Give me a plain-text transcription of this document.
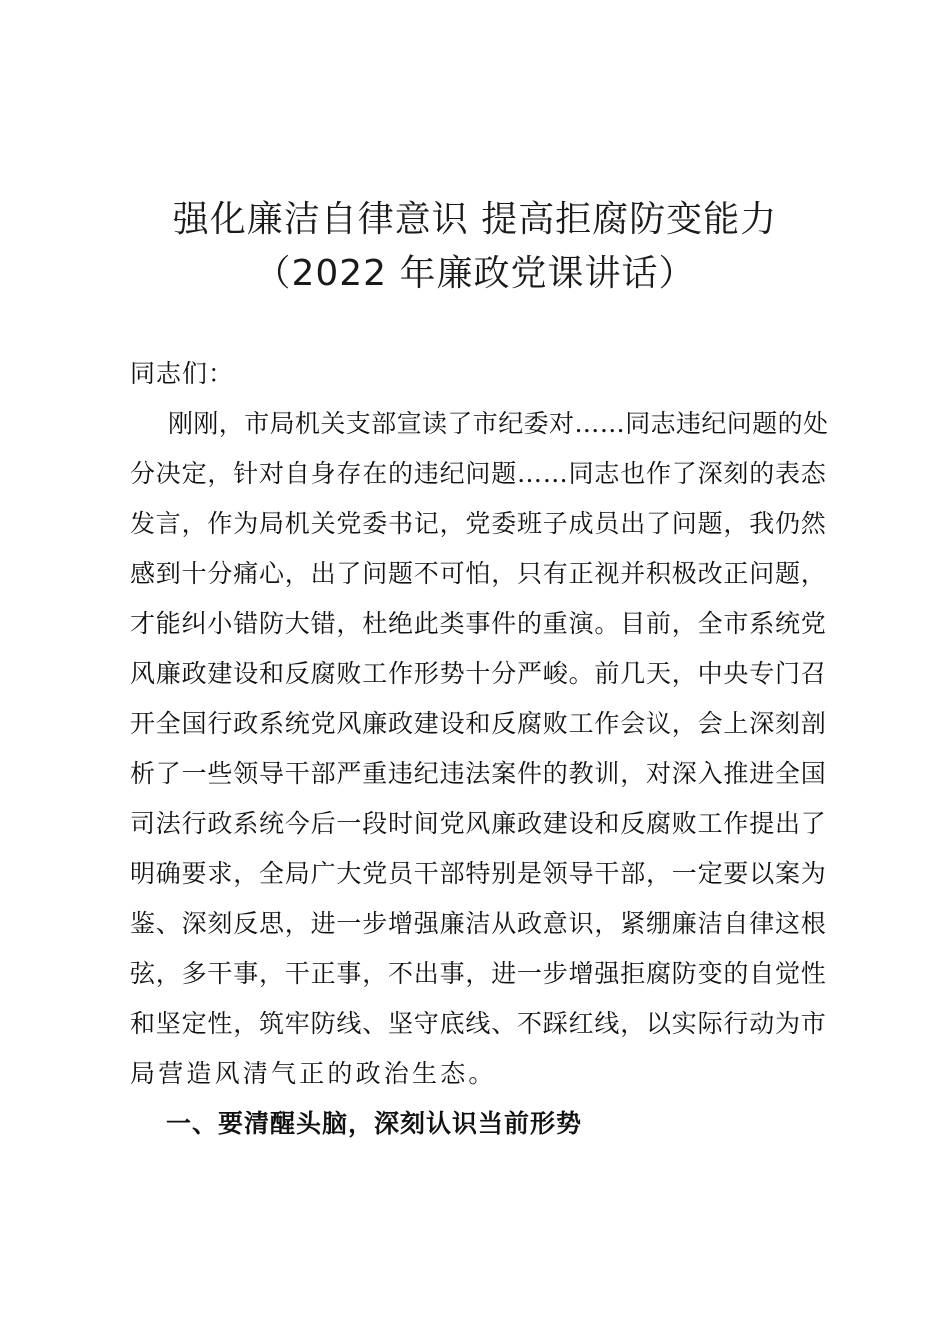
强化廉洁自律意识 提高拒腐防变能力
（2022 年廉政党课讲话）
同志们：
刚刚，市局机关支部宣读了市纪委对……同志违纪问题的处
分决定，针对自身存在的违纪问题……同志也作了深刻的表态
发言，作为局机关党委书记，党委班子成员出了问题，我仍然
感到十分痛心，出了问题不可怕，只有正视并积极改正问题，
才能纠小错防大错，杜绝此类事件的重演。目前，全市系统党
风廉政建设和反腐败工作形势十分严峻。前几天，中央专门召
开全国行政系统党风廉政建设和反腐败工作会议，会上深刻剖
析了一些领导干部严重违纪违法案件的教训，对深入推进全国
司法行政系统今后一段时间党风廉政建设和反腐败工作提出了
明确要求，全局广大党员干部特别是领导干部，一定要以案为
鉴、深刻反思，进一步增强廉洁从政意识，紧绷廉洁自律这根
弦，多干事，干正事，不出事，进一步增强拒腐防变的自觉性
和坚定性，筑牢防线、坚守底线、不踩红线，以实际行动为市
局营造风清气正的政治生态。
一、要清醒头脑，深刻认识当前形势
